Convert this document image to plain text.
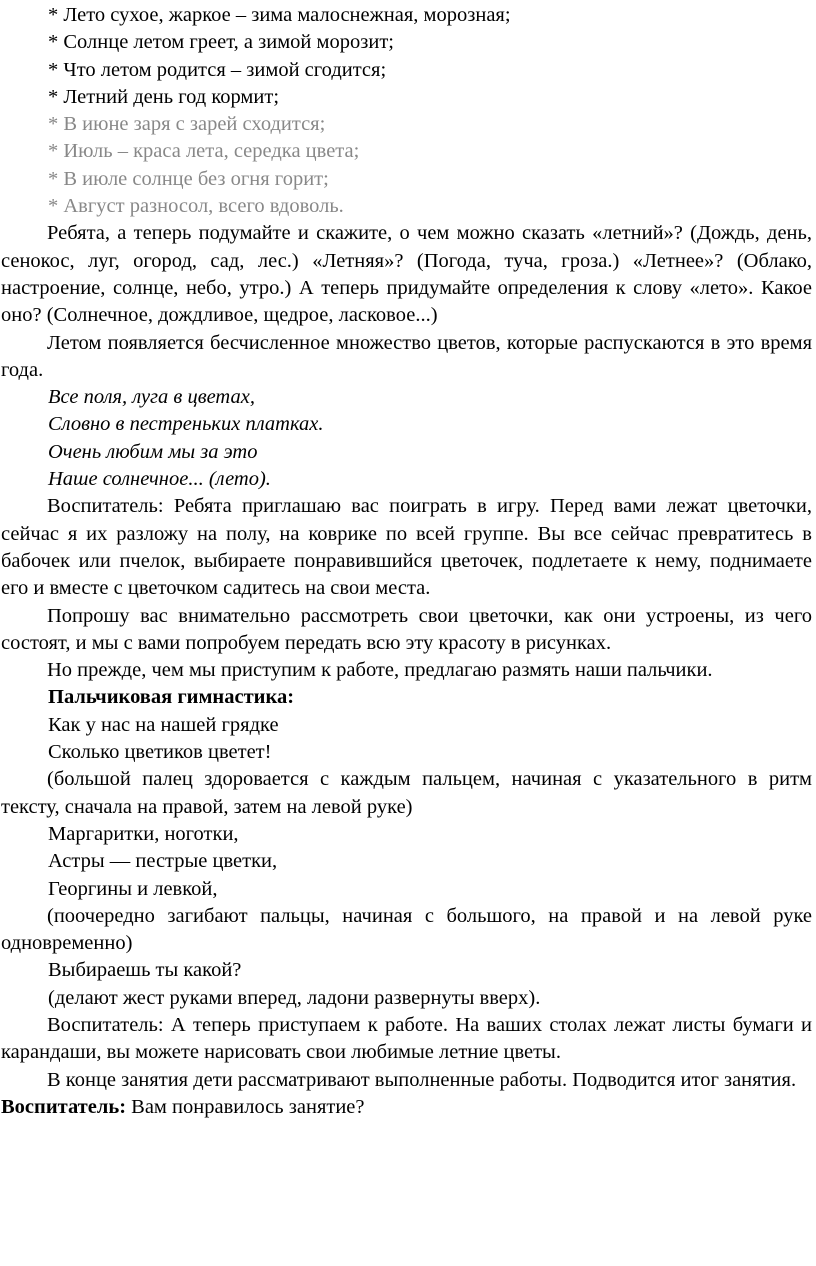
* Лето сухое, жаркое – зима малоснежная, морозная;

* Солнце летом греет, а зимой морозит;

* Что летом родится – зимой сгодится;

* Летний день год кормит;

* В июне заря с зарей сходится;

* Июль – краса лета, середка цвета;

* В июле солнце без огня горит;

* Август разносол, всего вдоволь.

Ребята, а теперь подумайте и скажите, о чем можно сказать «летний»? (Дождь, день, сенокос, луг, огород, сад, лес.) «Летняя»? (Погода, туча, гроза.) «Летнее»? (Облако, настроение, солнце, небо, утро.) А теперь придумайте определения к слову «лето». Какое оно? (Солнечное, дождливое, щедрое, ласковое...)

Летом появляется бесчисленное множество цветов, которые распускаются в это время года.

Все поля, луга в цветах,

Словно в пестреньких платках.

Очень любим мы за это

Наше солнечное... (лето).

Воспитатель: Ребята приглашаю вас поиграть в игру. Перед вами лежат цветочки, сейчас я их разложу на полу, на коврике по всей группе. Вы все сейчас превратитесь в бабочек или пчелок, выбираете понравившийся цветочек, подлетаете к нему, поднимаете его и вместе с цветочком садитесь на свои места.

Попрошу вас внимательно рассмотреть свои цветочки, как они устроены, из чего состоят, и мы с вами попробуем передать всю эту красоту в рисунках.

Но прежде, чем мы приступим к работе, предлагаю размять наши пальчики.

Пальчиковая гимнастика:

Как у нас на нашей грядке

Сколько цветиков цветет!

(большой палец здоровается с каждым пальцем, начиная с указательного в ритм тексту, сначала на правой, затем на левой руке)

Маргаритки, ноготки,

Астры — пестрые цветки,

Георгины и левкой,

(поочередно загибают пальцы, начиная с большого, на правой и на левой руке одновременно)

Выбираешь ты какой?

(делают жест руками вперед, ладони развернуты вверх).

Воспитатель: А теперь приступаем к работе. На ваших столах лежат листы бумаги и карандаши, вы можете нарисовать свои любимые летние цветы.

В конце занятия дети рассматривают выполненные работы. Подводится итог занятия.

Воспитатель: Вам понравилось занятие?
